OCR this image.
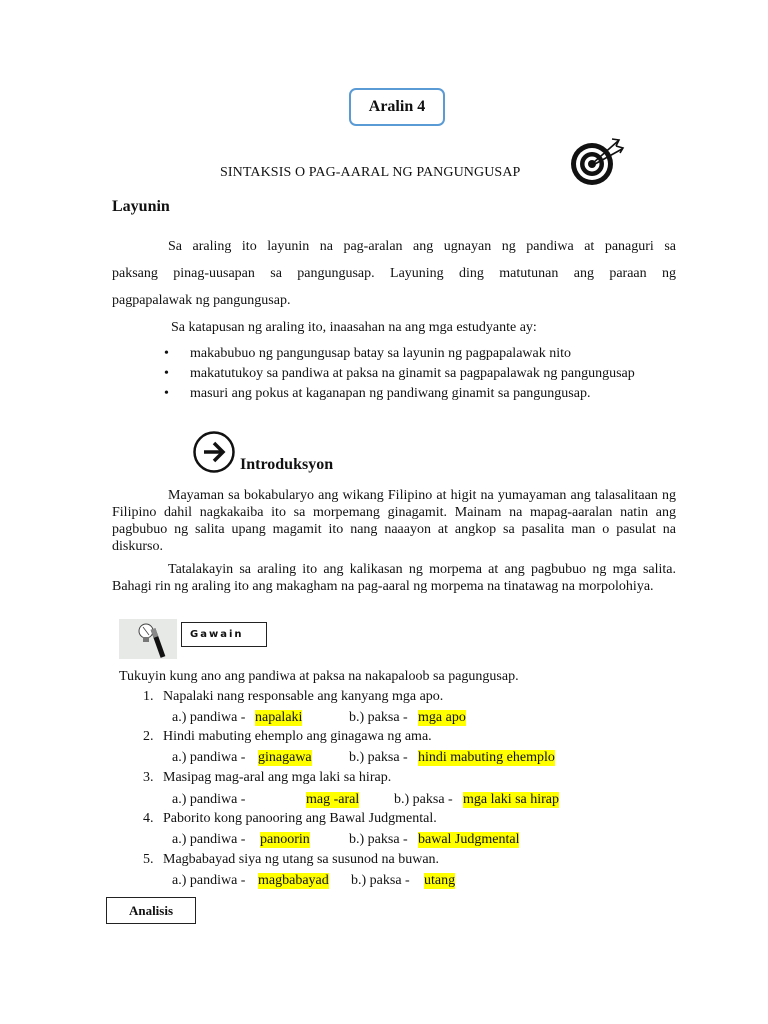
Aralin 4
SINTAKSIS O PAG-AARAL NG PANGUNGUSAP
Layunin
Sa araling ito layunin na pag-aralan ang ugnayan ng pandiwa at panaguri sa
paksang pinag-uusapan sa pangungusap. Layuning ding matutunan ang paraan ng
pagpapalawak ng pangungusap.
Sa katapusan ng araling ito, inaasahan na ang mga estudyante ay:
•	makabubuo ng pangungusap batay sa layunin ng pagpapalawak nito
•	makatutukoy sa pandiwa at paksa na ginamit sa pagpapalawak ng pangungusap
•	masuri ang pokus at kaganapan ng pandiwang ginamit sa pangungusap.
Introduksyon
Mayaman sa bokabularyo ang wikang Filipino at higit na yumayaman ang talasalitaan ng Filipino dahil nagkakaiba ito sa morpemang ginagamit. Mainam na mapag-aaralan natin ang pagbubuo ng salita upang magamit ito nang naaayon at angkop sa pasalita man o pasulat na diskurso.
Tatalakayin sa araling ito ang kalikasan ng morpema at ang pagbubuo ng mga salita. Bahagi rin ng araling ito ang makagham na pag-aaral ng morpema na tinatawag na morpolohiya.
Gawain
Tukuyin kung ano ang pandiwa at paksa na nakapaloob sa pagungusap.
1. Napalaki nang responsable ang kanyang mga apo.
a.) pandiwa - napalaki	b.) paksa - mga apo
2. Hindi mabuting ehemplo ang ginagawa ng ama.
a.) pandiwa - ginagawa	b.) paksa - hindi mabuting ehemplo
3. Masipag mag-aral ang mga laki sa hirap.
a.) pandiwa -	mag -aral b.) paksa - mga laki sa hirap
4. Paborito kong panooring ang Bawal Judgmental.
a.) pandiwa - panoorin	b.) paksa - bawal Judgmental
5. Magbabayad siya ng utang sa susunod na buwan.
a.) pandiwa - magbabayad b.) paksa - utang
Analisis
